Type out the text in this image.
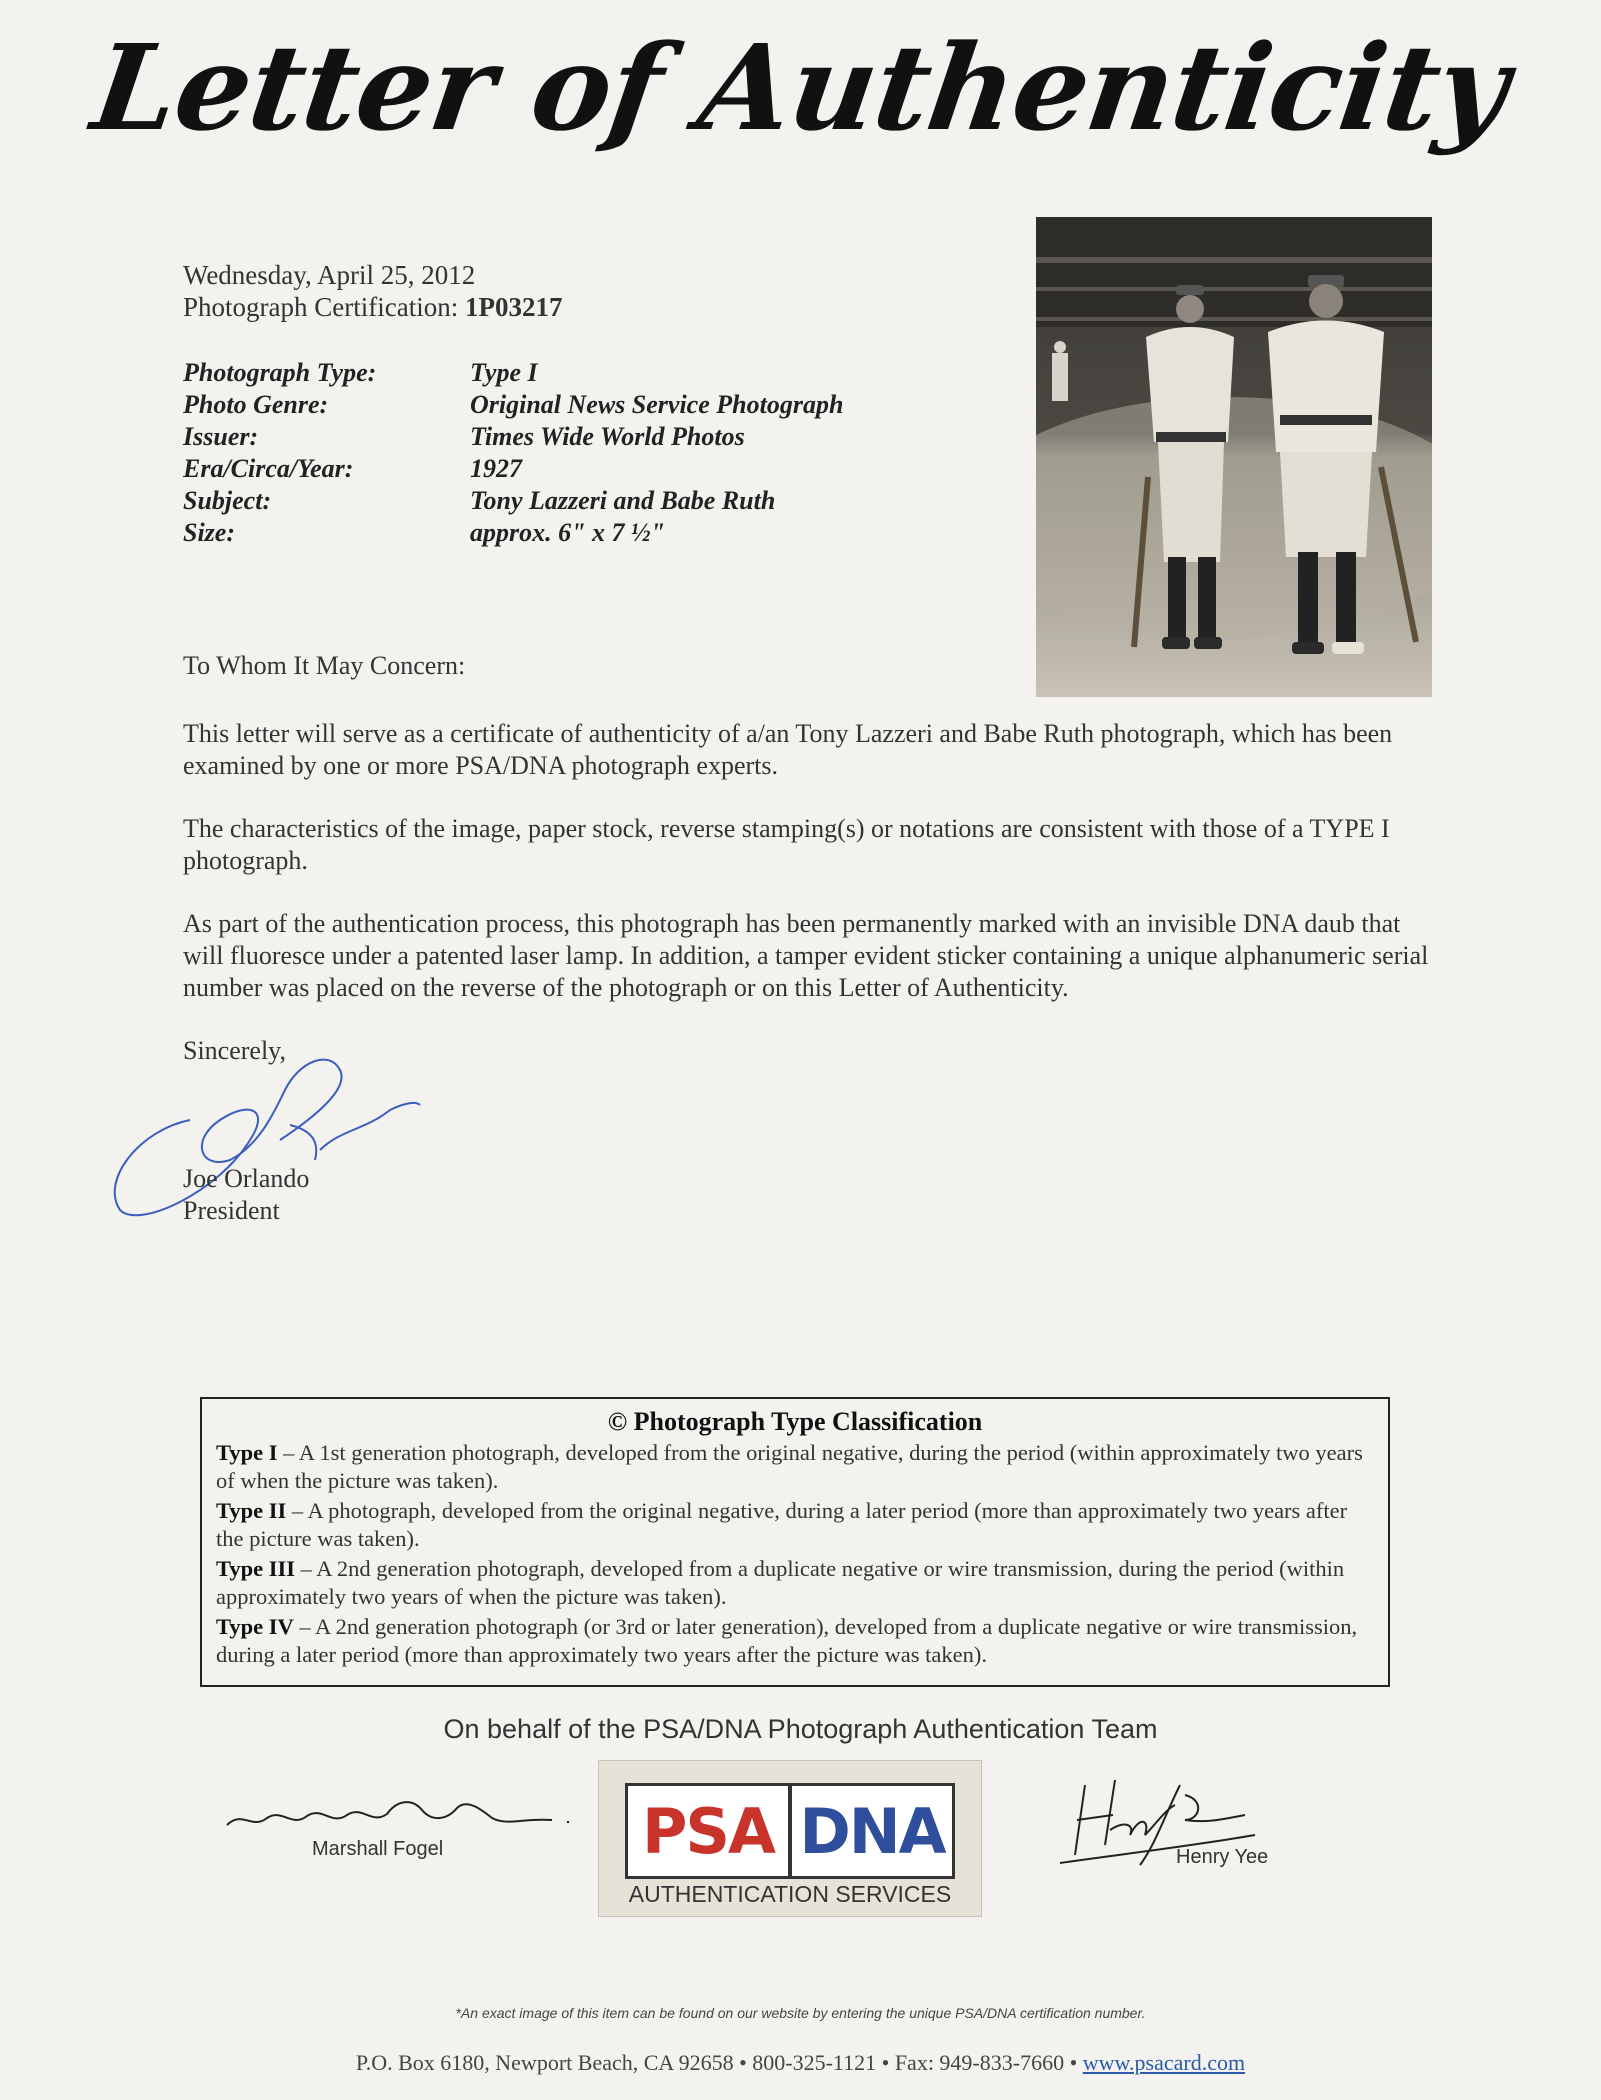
Letter of Authenticity
Wednesday, April 25, 2012
Photograph Certification: 1P03217
Photograph Type:	Type I
Photo Genre:	Original News Service Photograph
Issuer:	Times Wide World Photos
Era/Circa/Year:	1927
Subject:	Tony Lazzeri and Babe Ruth
Size:	approx. 6" x 7 ½"
To Whom It May Concern:
This letter will serve as a certificate of authenticity of a/an Tony Lazzeri and Babe Ruth photograph, which has been examined by one or more PSA/DNA photograph experts.
The characteristics of the image, paper stock, reverse stamping(s) or notations are consistent with those of a TYPE I photograph.
As part of the authentication process, this photograph has been permanently marked with an invisible DNA daub that will fluoresce under a patented laser lamp. In addition, a tamper evident sticker containing a unique alphanumeric serial number was placed on the reverse of the photograph or on this Letter of Authenticity.
Sincerely,
Joe Orlando
President
© Photograph Type Classification
Type I – A 1st generation photograph, developed from the original negative, during the period (within approximately two years of when the picture was taken).
Type II – A photograph, developed from the original negative, during a later period (more than approximately two years after the picture was taken).
Type III – A 2nd generation photograph, developed from a duplicate negative or wire transmission, during the period (within approximately two years of when the picture was taken).
Type IV – A 2nd generation photograph (or 3rd or later generation), developed from a duplicate negative or wire transmission, during a later period (more than approximately two years after the picture was taken).
On behalf of the PSA/DNA Photograph Authentication Team
Marshall Fogel	PSA DNA
AUTHENTICATION SERVICES
Henry Yee
*An exact image of this item can be found on our website by entering the unique PSA/DNA certification number.
P.O. Box 6180, Newport Beach, CA 92658 • 800-325-1121 • Fax: 949-833-7660 • www.psacard.com
